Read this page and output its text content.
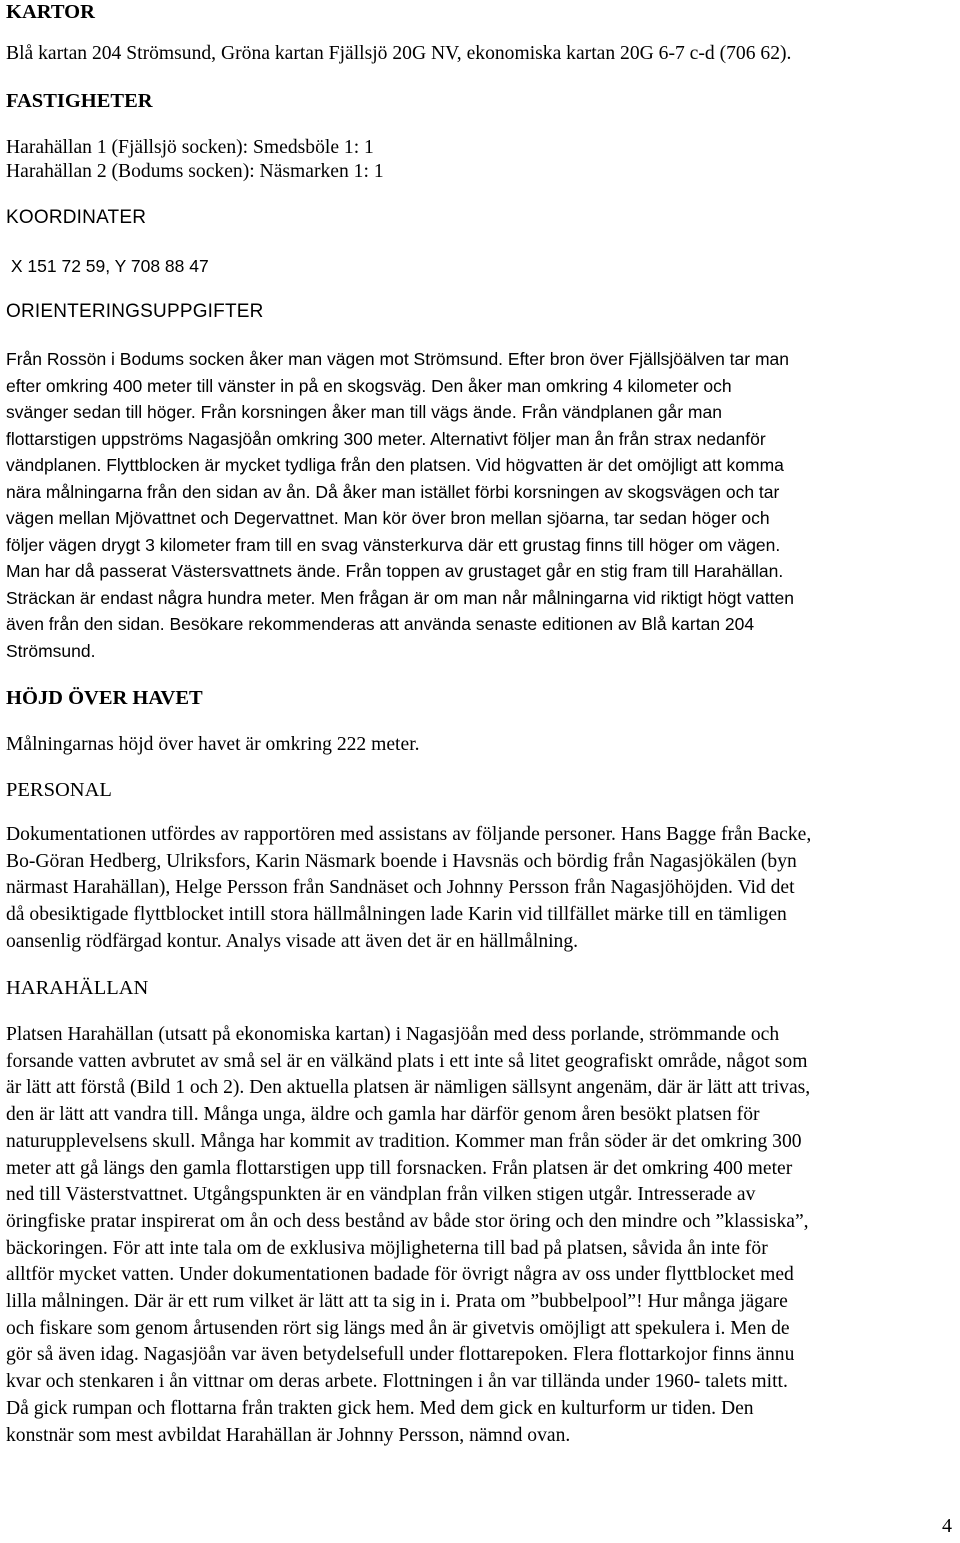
KARTOR

Blå kartan 204 Strömsund, Gröna kartan Fjällsjö 20G NV, ekonomiska kartan 20G 6-7 c-d (706 62).

FASTIGHETER
Harahällan 1 (Fjällsjö socken): Smedsböle 1: 1
Harahällan 2 (Bodums socken): Näsmarken 1: 1
KOORDINATER

X 151 72 59, Y 708 88 47

ORIENTERINGSUPPGIFTER
Från Rossön i Bodums socken åker man vägen mot Strömsund. Efter bron över Fjällsjöälven tar man
efter omkring 400 meter till vänster in på en skogsväg. Den åker man omkring 4 kilometer och
svänger sedan till höger. Från korsningen åker man till vägs ände. Från vändplanen går man
flottarstigen uppströms Nagasjöån omkring 300 meter. Alternativt följer man ån från strax nedanför
vändplanen. Flyttblocken är mycket tydliga från den platsen. Vid högvatten är det omöjligt att komma
nära målningarna från den sidan av ån. Då åker man istället förbi korsningen av skogsvägen och tar
vägen mellan Mjövattnet och Degervattnet. Man kör över bron mellan sjöarna, tar sedan höger och
följer vägen drygt 3 kilometer fram till en svag vänsterkurva där ett grustag finns till höger om vägen.
Man har då passerat Västersvattnets ände. Från toppen av grustaget går en stig fram till Harahällan.
Sträckan är endast några hundra meter. Men frågan är om man når målningarna vid riktigt högt vatten
även från den sidan. Besökare rekommenderas att använda senaste editionen av Blå kartan 204
Strömsund.
HÖJD ÖVER HAVET

Målningarnas höjd över havet är omkring 222 meter.

PERSONAL
Dokumentationen utfördes av rapportören med assistans av följande personer. Hans Bagge från Backe,
Bo-Göran Hedberg, Ulriksfors, Karin Näsmark boende i Havsnäs och bördig från Nagasjökälen (byn
närmast Harahällan), Helge Persson från Sandnäset och Johnny Persson från Nagasjöhöjden. Vid det
då obesiktigade flyttblocket intill stora hällmålningen lade Karin vid tillfället märke till en tämligen
oansenlig rödfärgad kontur. Analys visade att även det är en hällmålning.
HARAHÄLLAN
Platsen Harahällan (utsatt på ekonomiska kartan) i Nagasjöån med dess porlande, strömmande och
forsande vatten avbrutet av små sel är en välkänd plats i ett inte så litet geografiskt område, något som
är lätt att förstå (Bild 1 och 2). Den aktuella platsen är nämligen sällsynt angenäm, där är lätt att trivas,
den är lätt att vandra till. Många unga, äldre och gamla har därför genom åren besökt platsen för
naturupplevelsens skull. Många har kommit av tradition. Kommer man från söder är det omkring 300
meter att gå längs den gamla flottarstigen upp till forsnacken. Från platsen är det omkring 400 meter
ned till Västerstvattnet. Utgångspunkten är en vändplan från vilken stigen utgår. Intresserade av
öringfiske pratar inspirerat om ån och dess bestånd av både stor öring och den mindre och ”klassiska”,
bäckoringen. För att inte tala om de exklusiva möjligheterna till bad på platsen, såvida ån inte för
alltför mycket vatten. Under dokumentationen badade för övrigt några av oss under flyttblocket med
lilla målningen. Där är ett rum vilket är lätt att ta sig in i. Prata om ”bubbelpool”! Hur många jägare
och fiskare som genom årtusenden rört sig längs med ån är givetvis omöjligt att spekulera i. Men de
gör så även idag. Nagasjöån var även betydelsefull under flottarepoken. Flera flottarkojor finns ännu
kvar och stenkaren i ån vittnar om deras arbete. Flottningen i ån var tillända under 1960- talets mitt.
Då gick rumpan och flottarna från trakten gick hem. Med dem gick en kulturform ur tiden. Den
konstnär som mest avbildat Harahällan är Johnny Persson, nämnd ovan.
4
